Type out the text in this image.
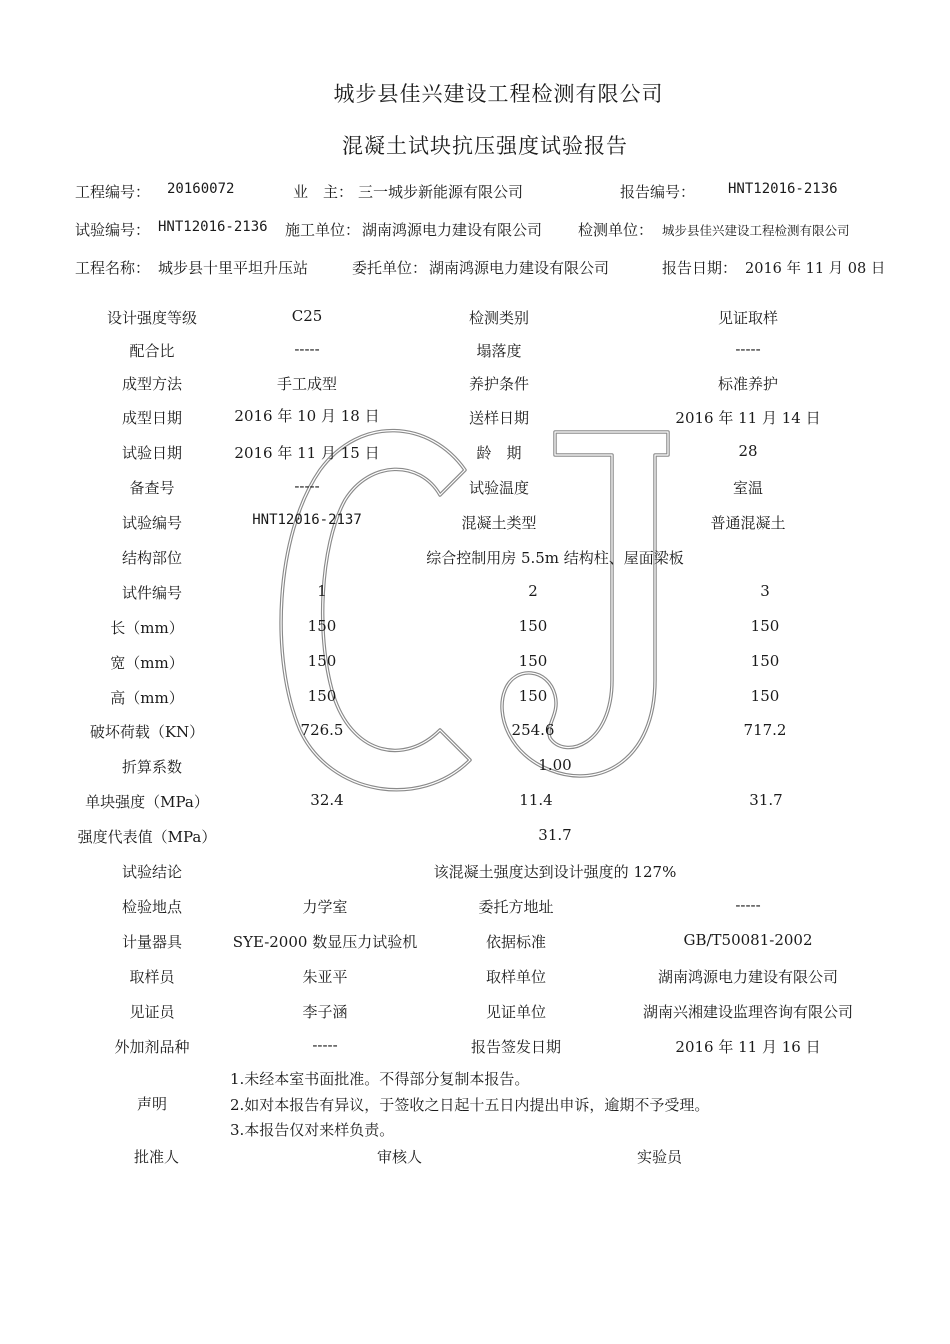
城步县佳兴建设工程检测有限公司
混凝土试块抗压强度试验报告
工程编号： 20160072	业　主： 三一城步新能源有限公司	报告编号： HNT12016-2136
试验编号： HNT12016-2136 施工单位： 湖南鸿源电力建设有限公司 检测单位： 城步县佳兴建设工程检测有限公司
工程名称： 城步县十里平坦升压站	委托单位： 湖南鸿源电力建设有限公司	报告日期： 2016 年 11 月 08 日
设计强度等级	C25	检测类别	见证取样
配合比	-----	塌落度	-----
成型方法	手工成型	养护条件	标准养护
成型日期	2016 年 10 月 18 日	送样日期	2016 年 11 月 14 日
试验日期	2016 年 11 月 15 日	龄　期	28
备查号	-----	试验温度	室温
试验编号	HNT12016-2137	混凝土类型	普通混凝土
结构部位	综合控制用房 5.5m 结构柱、屋面梁板
试件编号	1	2	3
长（mm）	150	150	150
宽（mm）	150	150	150
高（mm）	150	150	150
破坏荷载（KN）	726.5	254.6	717.2
折算系数	1.00
单块强度（MPa）	32.4	11.4	31.7
强度代表值（MPa）	31.7
试验结论	该混凝土强度达到设计强度的 127%
检验地点	力学室	委托方地址	-----
计量器具	SYE-2000 数显压力试验机	依据标准	GB/T50081-2002
取样员	朱亚平	取样单位	湖南鸿源电力建设有限公司
见证员	李子涵	见证单位	湖南兴湘建设监理咨询有限公司
外加剂品种	-----	报告签发日期	2016 年 11 月 16 日
声明
1.未经本室书面批准。不得部分复制本报告。
2.如对本报告有异议，于签收之日起十五日内提出申诉，逾期不予受理。
3.本报告仅对来样负责。
批准人	审核人	实验员
